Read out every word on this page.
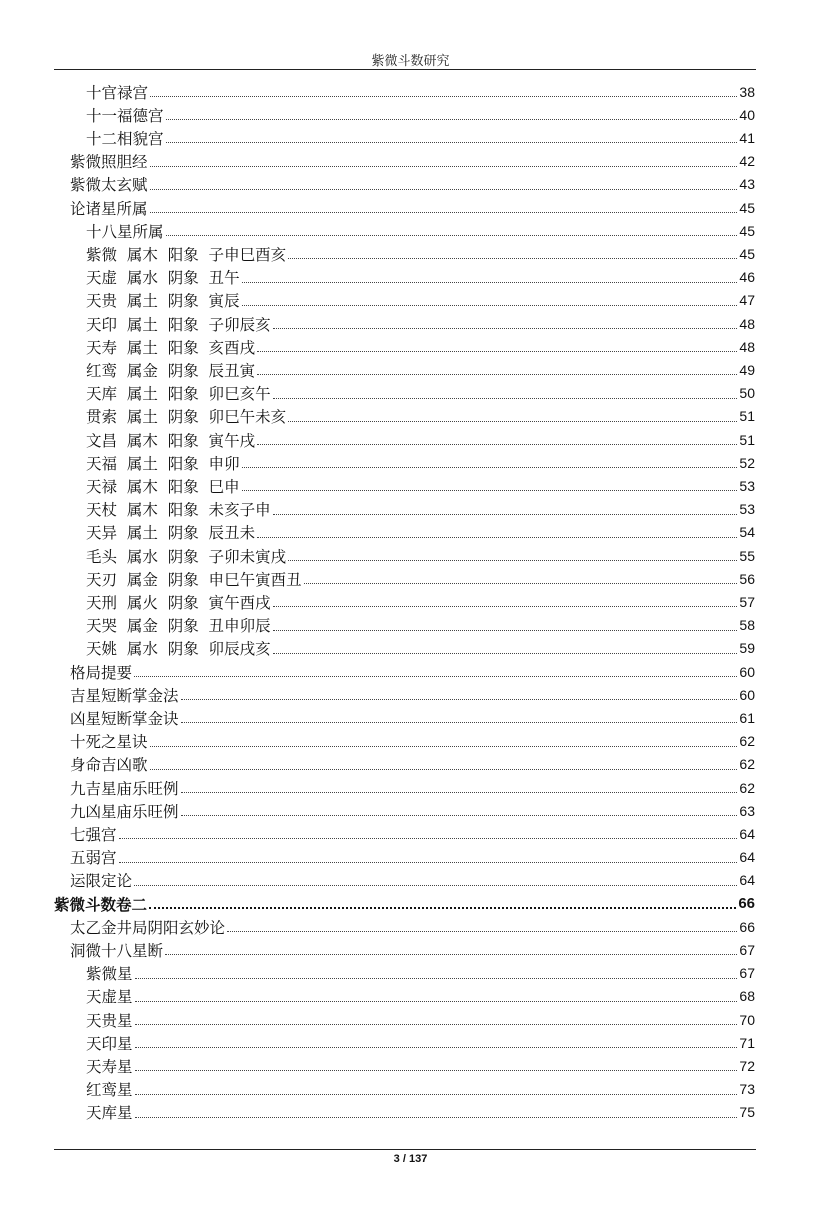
紫微斗数研究
十官禄宫	38
十一福德宫	40
十二相貌宫	41
紫微照胆经	42
紫微太玄赋	43
论诸星所属	45
十八星所属	45
紫微  属木  阳象  子申巳酉亥	45
天虚  属水  阴象  丑午	46
天贵  属土  阴象  寅辰	47
天印  属土  阳象  子卯辰亥	48
天寿  属土  阳象  亥酉戌	48
红鸾  属金  阴象  辰丑寅	49
天库  属土  阳象  卯巳亥午	50
贯索  属土  阴象  卯巳午未亥	51
文昌  属木  阳象  寅午戌	51
天福  属土  阳象  申卯	52
天禄  属木  阳象  巳申	53
天杖  属木  阳象  未亥子申	53
天异  属土  阴象  辰丑未	54
毛头  属水  阴象  子卯未寅戌	55
天刃  属金  阴象  申巳午寅酉丑	56
天刑  属火  阴象  寅午酉戌	57
天哭  属金  阴象  丑申卯辰	58
天姚  属水  阴象  卯辰戌亥	59
格局提要	60
吉星短断掌金法	60
凶星短断掌金诀	61
十死之星诀	62
身命吉凶歌	62
九吉星庙乐旺例	62
九凶星庙乐旺例	63
七强宫	64
五弱宫	64
运限定论	64
紫微斗数卷二	66
太乙金井局阴阳玄妙论	66
洞微十八星断	67
紫微星	67
天虚星	68
天贵星	70
天印星	71
天寿星	72
红鸾星	73
天库星	75
3 / 137
